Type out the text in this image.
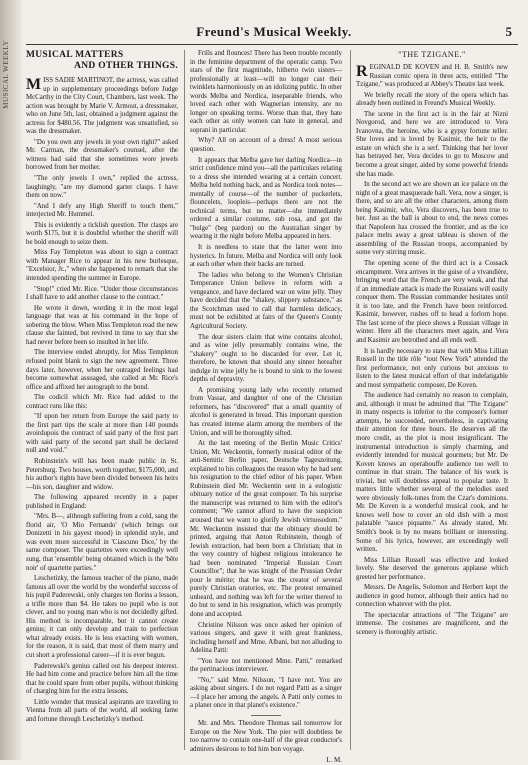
MUSICAL WEEKLY
Freund's Musical Weekly.	5
MUSICAL MATTERS
AND OTHER THINGS.

MISS SADIE MARTINOT, the actress, was called up in supplementary proceedings before Judge McCarthy in the City Court, Chambers, last week. The action was brought by Marie V. Armout, a dressmaker, who on June 5th, last, obtained a judgment against the actress for $480.56. The judgment was unsatisfied, so was the dressmaker.

"Do you own any jewels in your own right?" asked Mr. Carman, the dressmaker's counsel, after the witness had said that she sometimes wore jewels borrowed from her mother.

"The only jewels I own," replied the actress, laughingly, "are my diamond garter clasps. I have them on now."

"And I defy any High Sheriff to touch them," interjected Mr. Hummel.

This is evidently a ticklish question. The clasps are worth $175, but it is doubtful whether the sheriff will be bold enough to seize them.

Miss Fay Templeton was about to sign a contract with Manager Rice to appear in his new burlesque, "Excelsior, Jr.," when she happened to remark that she intended spending the summer in Europe.

"Stop!" cried Mr. Rice. "Under those circumstances I shall have to add another clause to the contract."

He wrote it down, wording it in the most legal language that was at his command in the hope of sobering the blow. When Miss Templeton read the new clause she fainted, but revived in time to say that she had never before been so insulted in her life.

The interview ended abruptly, for Miss Templeton refused point blank to sign the new agreement. Three days later, however, when her outraged feelings had become somewhat assuaged, she called at Mr. Rice's office and affixed her autograph to the bond.

The codicil which Mr. Rice had added to the contract runs like this:

"If upon her return from Europe the said party to the first part tips the scale at more than 140 pounds avoirdupois the contract of said party of the first part with said party of the second part shall be declared null and void."

Rubinstein's will has been made public in St. Petersburg. Two houses, worth together, $175,000, and his author's rights have been divided between his heirs—his son, daughter and widow.

The following appeared recently in a paper published in England:

"Mrs. B—, although suffering from a cold, sang the florid air, 'O Mio Fernando' (which brings out Donizetti in his gayest mood) in splendid style, and was even more successful in 'Ciascuno Dice,' by the same composer. The quartettes were exceedingly well sung, that 'ensemble' being obtained which is the 'bête noir' of quartette parties."

Leschetizky, the famous teacher of the piano, made famous all over the world by the wonderful success of his pupil Paderewski, only charges ten florins a lesson, a trifle more than $4. He takes no pupil who is not clever, and no young man who is not decidedly gifted. His method is incomparable, but it cannot create genius; it can only develop and train to perfection what already exists. He is less exacting with women, for the reason, it is said, that most of them marry and cut short a professional career—if it is ever begun.

Paderewski's genius called out his deepest interest. He had him come and practice before him all the time that he could spare from other pupils, without thinking of charging him for the extra lessons.

Little wonder that musical aspirants are traveling to Vienna from all parts of the world, all seeking fame and fortune through Leschetizky's method.

Frills and flounces! There has been trouble recently in the feminine department of the operatic camp. Two stars of the first magnitude, hitherto twin sisters—professionally at least—will no longer cast their twinklets harmoniously on an idolizing public. In other words Melba and Nordica, inseparable friends, who loved each other with Wagnerian intensity, are no longer on speaking terms. Worse than that, they hate each other as only women can hate in general, and soprani in particular.

Why? All on account of a dress! A most serious question.

It appears that Melba gave her darling Nordica—in strict confidence mind you—all the particulars relating to a dress she intended wearing at a certain concert. Melba held nothing back, and as Nordica took notes—mentally of course—of the number of puckerlets, flouncelets, loopleis—perhaps there are not the technical terms, but no matter—she immediately ordered a similar costume, sub rosa, and got the "bulge" (beg pardon) on the Australian singer by wearing it the night before Melba appeared in hers.

It is needless to state that the latter went into hysterics. In future, Melba and Nordica will only look at each other when their backs are turned.

The ladies who belong to the Women's Christian Temperance Union believe in reform with a vengeance, and have declared war on wine jelly. They have decided that the "shakey, slippery substance," as the Scotchman used to call that harmless delicacy, must not be exhibited at fairs of the Queen's County Agricultural Society.

The dear sisters claim that wine contains alcohol, and as wine jelly presumably contains wine, the "shakery" ought to be discarded for ever. Let it, therefore, be known that should any sinner hereafter indulge in wine jelly he is bound to sink to the lowest depths of depravity.

A promising young lady who recently returned from Vassar, and daughter of one of the Christian reformers, has "discovered" that a small quantity of alcohol is generated in bread. This important question has created intense alarm among the members of the Union, and will be thoroughly sifted.

At the last meeting of the Berlin Music Critics' Union, Mr. Weckentin, formerly musical editor of the anti-Semitic Berlin paper, Deutsche Tageszeitung, explained to his colleagues the reason why he had sent his resignation to the chief editor of his paper. When Rubinstein died Mr. Weckentin sent in a eulogistic obituary notice of the great composer. To his surprise the manuscript was returned to him with the editor's comment; "We cannot afford to have the suspicion aroused that we want to glorify Jewish virtuosodom." Mr. Weckentin insisted that the obituary should be printed, arguing that Anton Rubinstein, though of Jewish extraction, had been born a Christian; that in the very country of highest religious intolerance he had been nominated "Imperial Russian Court Councillor"; that he was knight of the Prussian Order pour le mérite; that he was the creator of several purely Christian oratorios, etc. The protest remained unheard, and nothing was left for the writer thereof to do but to send in his resignation, which was promptly done and accepted.

Christine Nilsson was once asked her opinion of various singers, and gave it with great frankness, including herself and Mme. Albani, but not alluding to Adelina Patti:

"You have not mentioned Mme. Patti," remarked the pertinacious interviewer.

"No," said Mme. Nilsson, "I have not. You are asking about singers. I do not regard Patti as a singer—I place her among the angels. A Patti only comes to a planet once in that planet's existence."

Mr. and Mrs. Theodore Thomas sail tomorrow for Europe on the New York. The pier will doubtless be too narrow to contain one-half of the great conductor's admirers desirous to bid him bon voyage.

L. M.

"THE TZIGANE."

REGINALD DE KOVEN and H. B. Smith's new Russian comic opera in three acts, entitled "The Tzigane," was produced at Abbey's Theatre last week.

We briefly recall the story of the opera which has already been outlined in Freund's Musical Weekly.

The scene in the first act is in the fair at Nizni Novgorod, and here we are introduced to Vera Ivanovna, the heroine, who is a gypsy fortune teller. She loves and is loved by Kasimir, the heir to the estate on which she is a serf. Thinking that her lover has betrayed her, Vera decides to go to Moscow and become a great singer, aided by some powerful friends she has made.

In the second act we are shown an ice palace on the night of a great masquerade ball. Vera, now a singer, is there, and so are all the other characters, among them being Kasimir, who, Vera discovers, has been true to her. Just as the ball is about to end, the news comes that Napoleon has crossed the frontier, and as the ice palace melts away a great tableau is shown of the assembling of the Russian troops, accompanied by some very stirring music.

The opening scene of the third act is a Cossack encampment. Vera arrives in the guise of a vivandière, bringing word that the French are very weak, and that if an immediate attack is made the Russians will easily conquer them. The Russian commander hesitates until it is too late, and the French have been reinforced. Kasimir, however, rushes off to head a forlorn hope. The last scene of the piece shows a Russian village in winter. Here all the characters meet again, and Vera and Kasimir are betrothed and all ends well.

It is hardly necessary to state that with Miss Lillian Russell in the title rôle "tout New York" attended the first performance, not only curious but anxious to listen to the latest musical effort of that indefatigable and most sympathetic composer, De Koven.

The audience had certainly no reason to complain, and, although it must be admitted that "The Tzigane" in many respects is inferior to the composer's former attempts, he succeeded, nevertheless, in captivating their attention for three hours. He deserves all the more credit, as the plot is most insignificant. The instrumental introduction is simply charming, and evidently intended for musical gourmets; but Mr. De Koven knows an operabouffe audience too well to continue in that strain. The balance of his work is trivial, but will doubtless appeal to popular taste. It matters little whether several of the melodies used were obviously folk-tunes from the Czar's dominions. Mr. De Koven is a wonderful musical cook, and he knows well how to cover an old dish with a most palatable "sauce piquante." As already stated, Mr. Smith's book is by no means brilliant or interesting. Some of his lyrics, however, are exceedingly well written.

Miss Lillian Russell was effective and looked lovely. She deserved the generous applause which greeted her performance.

Messrs. De Angelis, Solomon and Herbert kept the audience in good humor, although their antics had no connection whatever with the plot.

The spectacular attractions of "The Tzigane" are immense. The costumes are magnificent, and the scenery is thoroughly artistic.
